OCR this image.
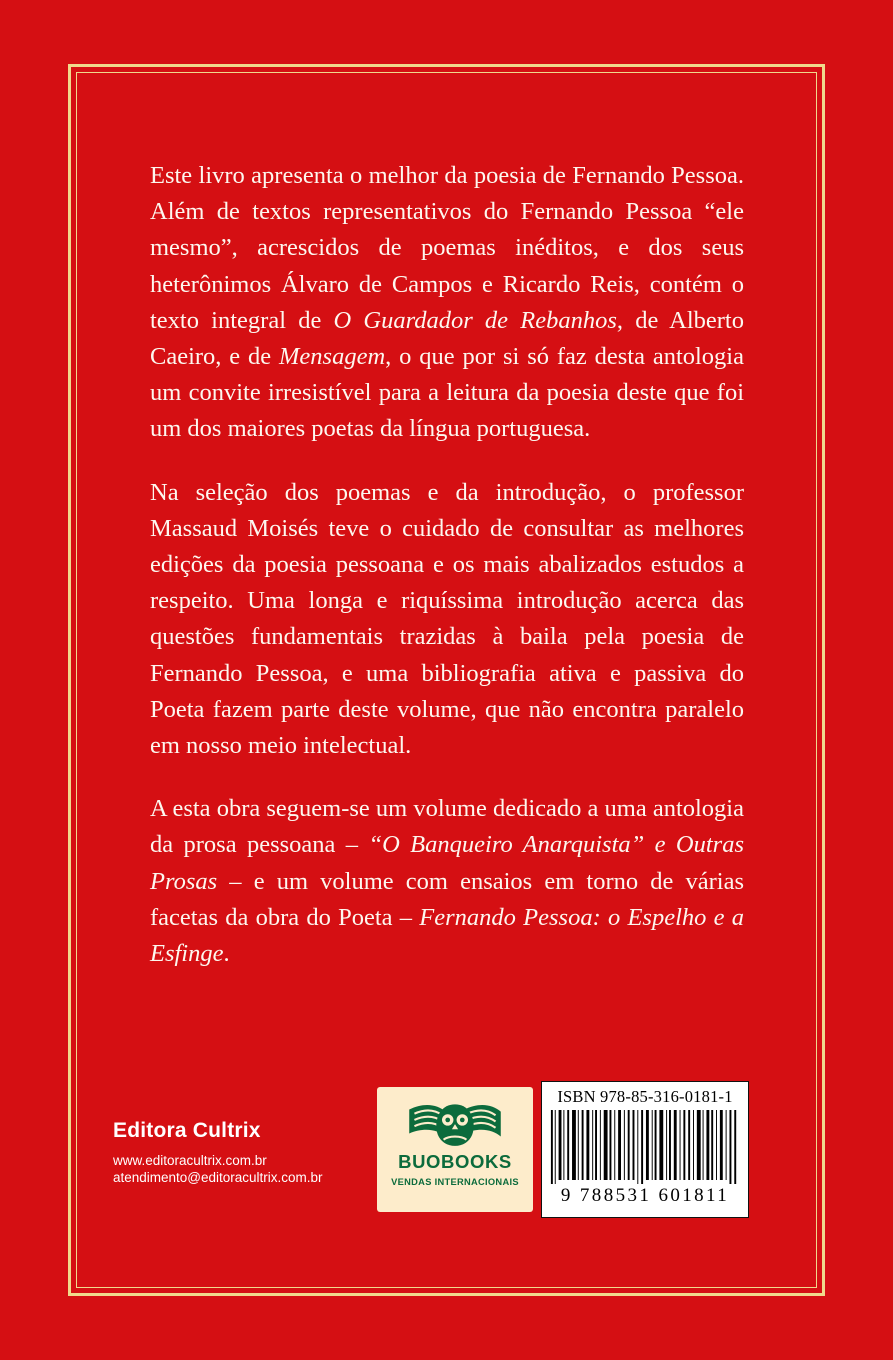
Este livro apresenta o melhor da poesia de Fernando Pessoa. Além de textos representativos do Fernando Pessoa “ele mesmo”, acrescidos de poemas inéditos, e dos seus heterônimos Álvaro de Campos e Ricardo Reis, contém o texto integral de O Guardador de Rebanhos, de Alberto Caeiro, e de Mensagem, o que por si só faz desta antologia um convite irresistível para a leitura da poesia deste que foi um dos maiores poetas da língua portuguesa.

Na seleção dos poemas e da introdução, o professor Massaud Moisés teve o cuidado de consultar as melhores edições da poesia pessoana e os mais abalizados estudos a respeito. Uma longa e riquíssima introdução acerca das questões fundamentais trazidas à baila pela poesia de Fernando Pessoa, e uma bibliografia ativa e passiva do Poeta fazem parte deste volume, que não encontra paralelo em nosso meio intelectual.

A esta obra seguem-se um volume dedicado a uma antologia da prosa pessoana – “O Banqueiro Anarquista” e Outras Prosas – e um volume com ensaios em torno de várias facetas da obra do Poeta – Fernando Pessoa: o Espelho e a Esfinge.

Editora Cultrix
www.editoracultrix.com.br
atendimento@editoracultrix.com.br
BUOBOOKS
VENDAS INTERNACIONAIS
ISBN 978-85-316-0181-1
9 788531 601811
